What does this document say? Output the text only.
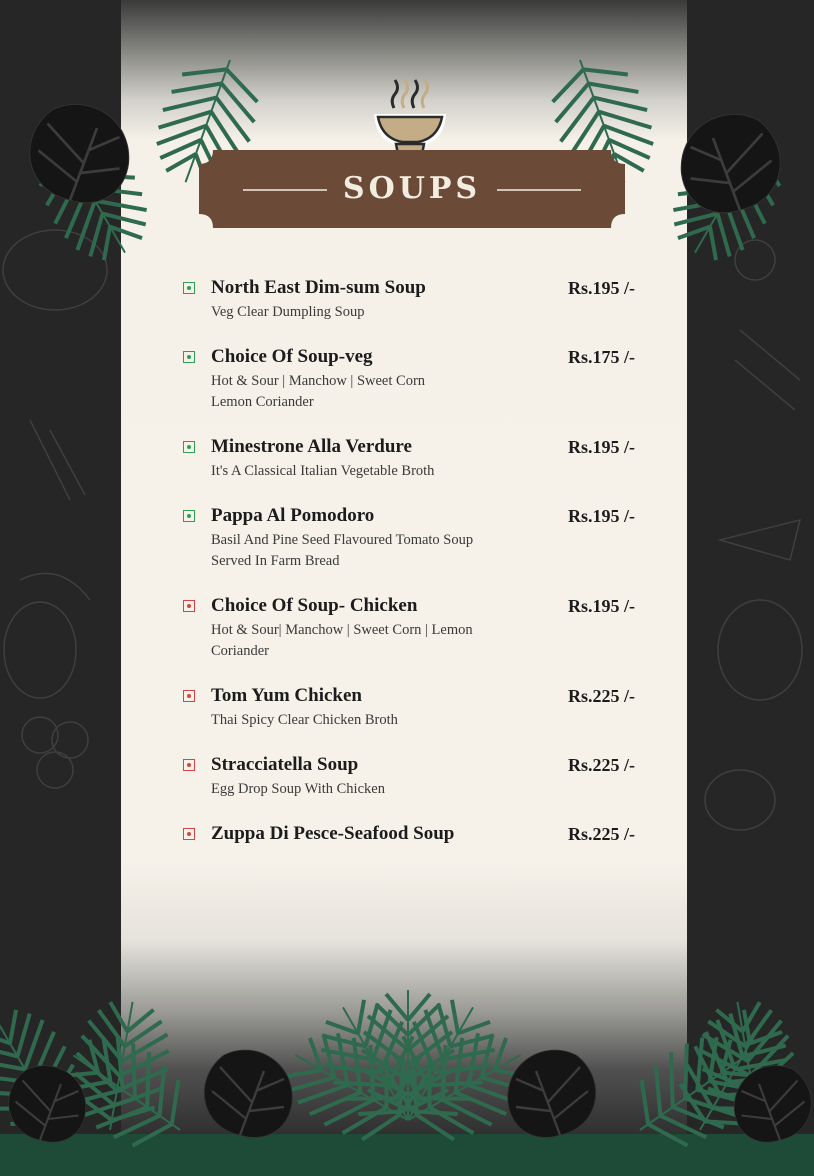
SOUPS
North East Dim-sum Soup	Rs.195 /-
Veg Clear Dumpling Soup
Choice Of Soup-veg	Rs.175 /-
Hot & Sour | Manchow | Sweet Corn
Lemon Coriander
Minestrone Alla Verdure	Rs.195 /-
It's A Classical Italian Vegetable Broth
Pappa Al Pomodoro	Rs.195 /-
Basil And Pine Seed Flavoured Tomato Soup
Served In Farm Bread
Choice Of Soup- Chicken	Rs.195 /-
Hot & Sour| Manchow | Sweet Corn | Lemon
Coriander
Tom Yum Chicken	Rs.225 /-
Thai Spicy Clear Chicken Broth
Stracciatella Soup	Rs.225 /-
Egg Drop Soup With Chicken
Zuppa Di Pesce-Seafood Soup	Rs.225 /-
